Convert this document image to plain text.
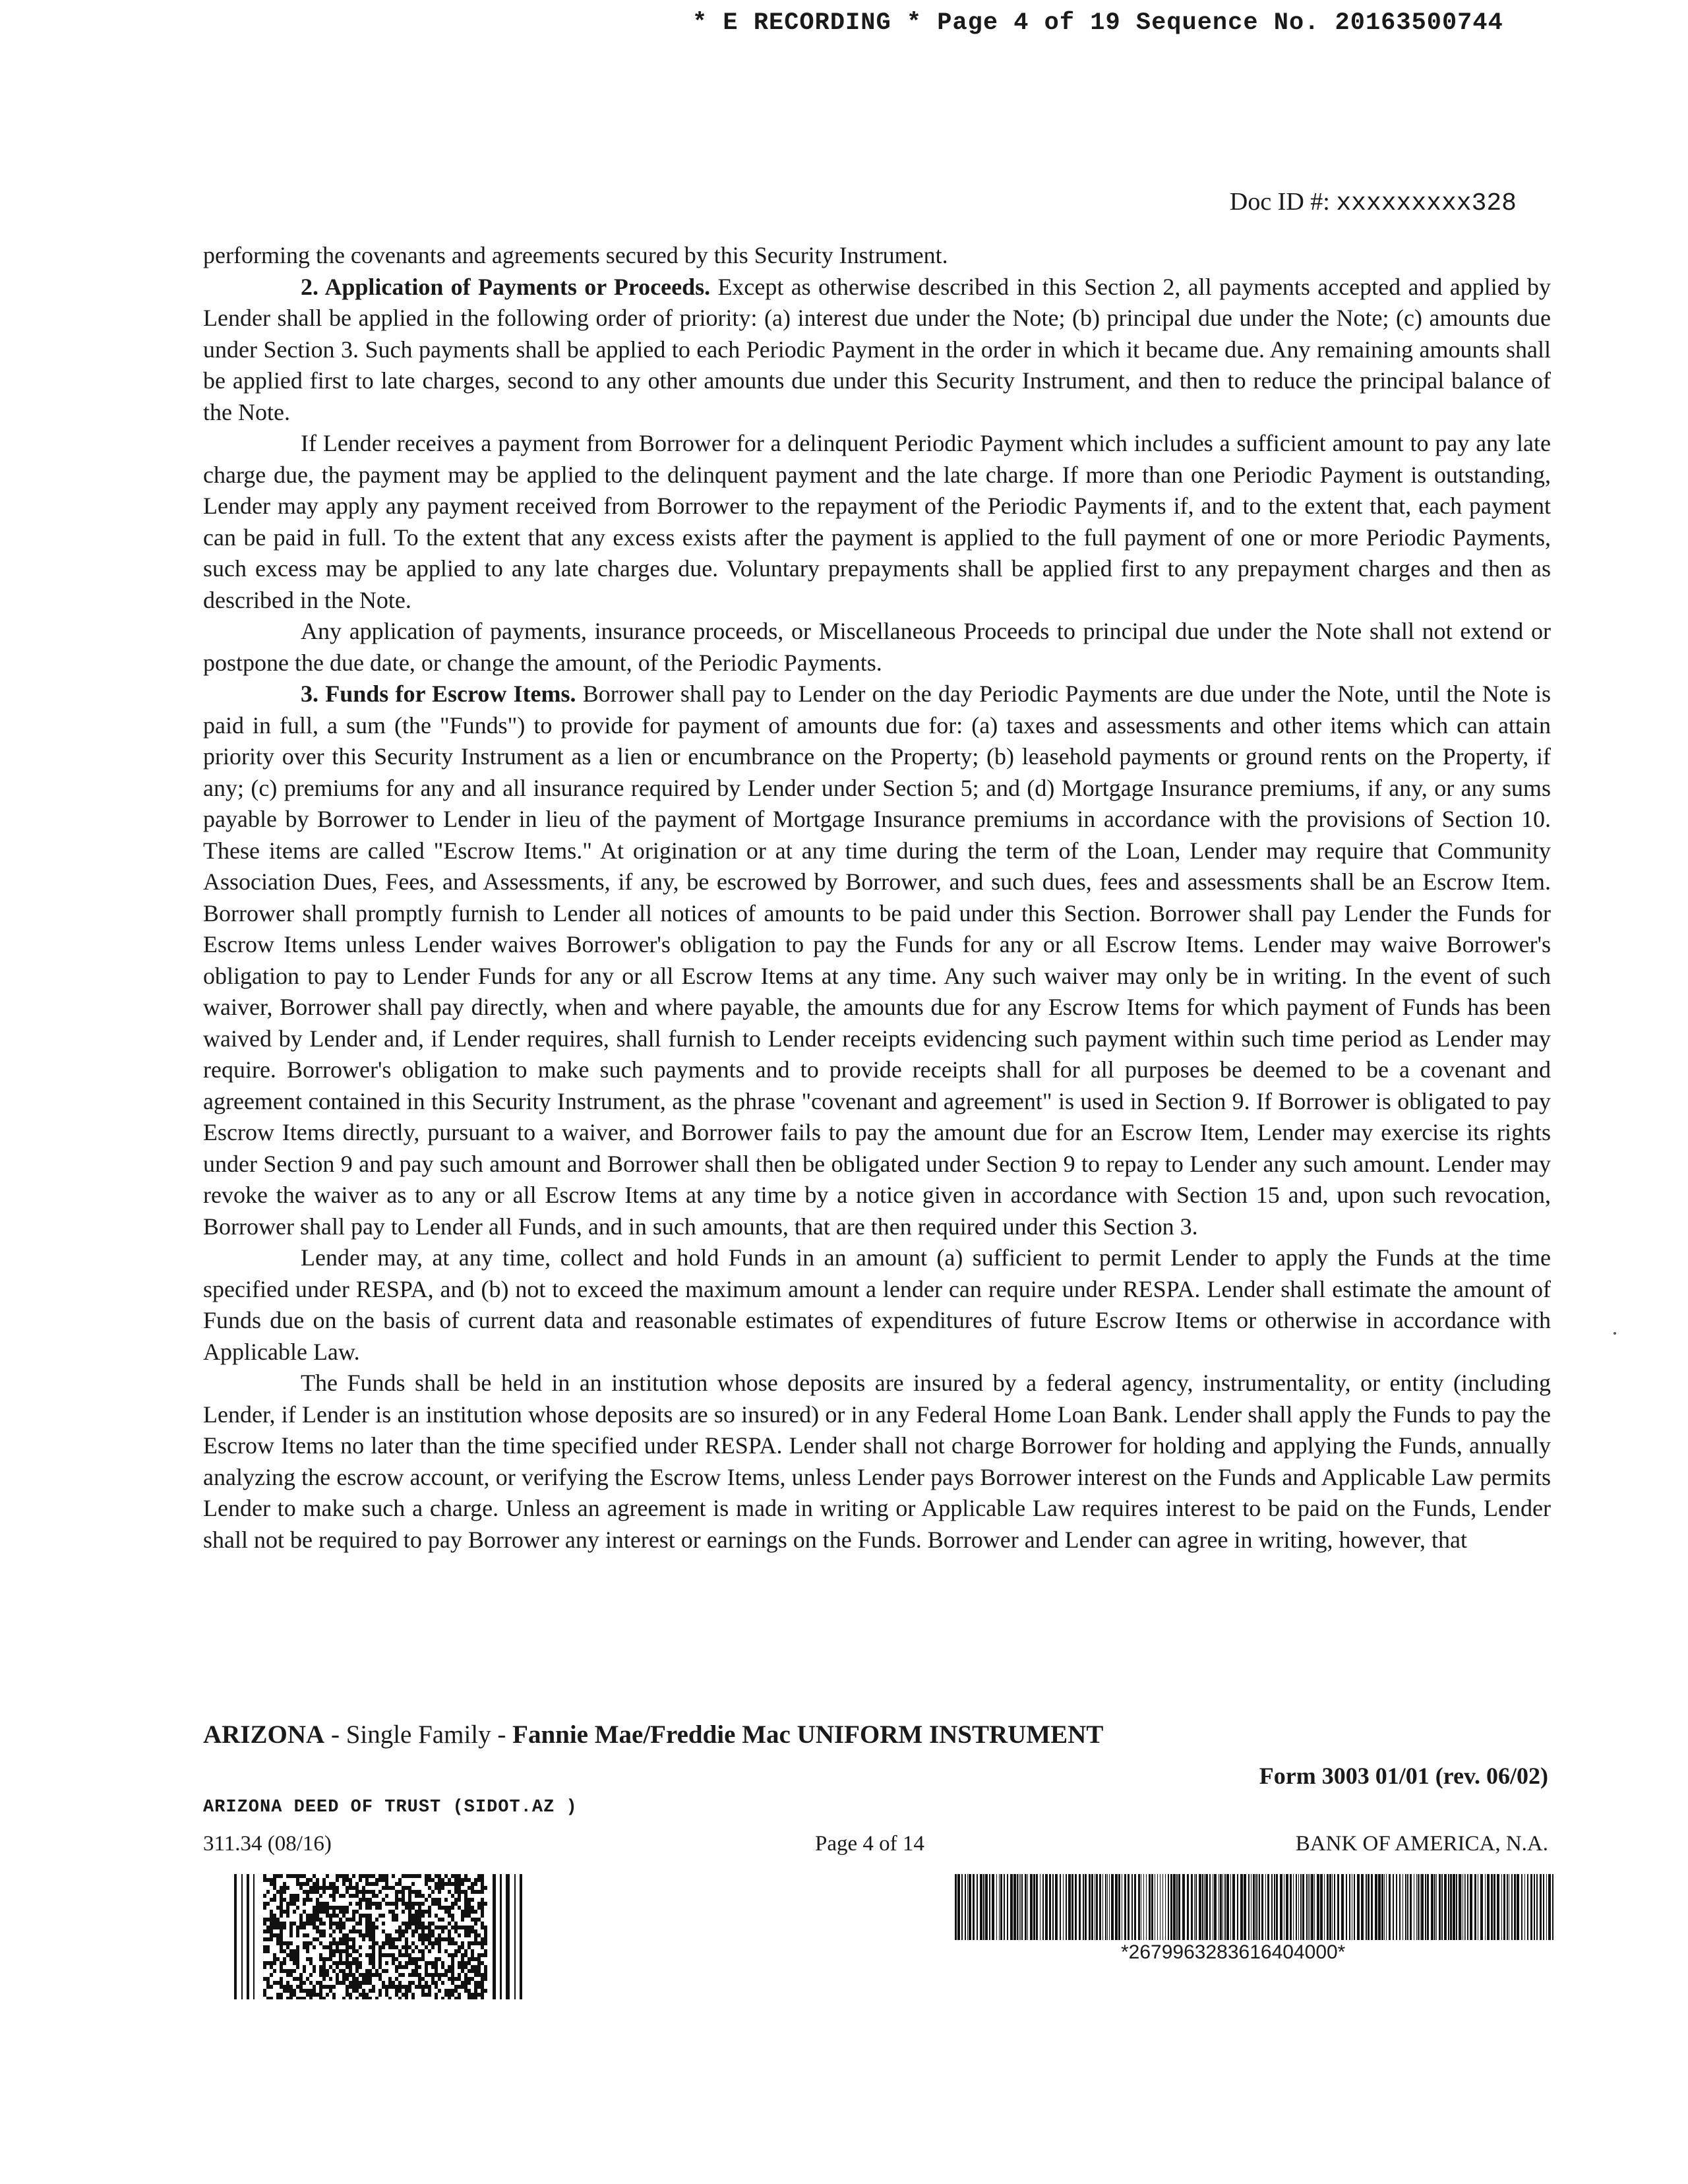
* E RECORDING * Page 4 of 19 Sequence No. 20163500744
Doc ID #: xxxxxxxxx328

performing the covenants and agreements secured by this Security Instrument.

2. Application of Payments or Proceeds. Except as otherwise described in this Section 2, all payments accepted and applied by Lender shall be applied in the following order of priority: (a) interest due under the Note; (b) principal due under the Note; (c) amounts due under Section 3. Such payments shall be applied to each Periodic Payment in the order in which it became due. Any remaining amounts shall be applied first to late charges, second to any other amounts due under this Security Instrument, and then to reduce the principal balance of the Note.

If Lender receives a payment from Borrower for a delinquent Periodic Payment which includes a sufficient amount to pay any late charge due, the payment may be applied to the delinquent payment and the late charge. If more than one Periodic Payment is outstanding, Lender may apply any payment received from Borrower to the repayment of the Periodic Payments if, and to the extent that, each payment can be paid in full. To the extent that any excess exists after the payment is applied to the full payment of one or more Periodic Payments, such excess may be applied to any late charges due. Voluntary prepayments shall be applied first to any prepayment charges and then as described in the Note.

Any application of payments, insurance proceeds, or Miscellaneous Proceeds to principal due under the Note shall not extend or postpone the due date, or change the amount, of the Periodic Payments.

3. Funds for Escrow Items. Borrower shall pay to Lender on the day Periodic Payments are due under the Note, until the Note is paid in full, a sum (the "Funds") to provide for payment of amounts due for: (a) taxes and assessments and other items which can attain priority over this Security Instrument as a lien or encumbrance on the Property; (b) leasehold payments or ground rents on the Property, if any; (c) premiums for any and all insurance required by Lender under Section 5; and (d) Mortgage Insurance premiums, if any, or any sums payable by Borrower to Lender in lieu of the payment of Mortgage Insurance premiums in accordance with the provisions of Section 10. These items are called "Escrow Items." At origination or at any time during the term of the Loan, Lender may require that Community Association Dues, Fees, and Assessments, if any, be escrowed by Borrower, and such dues, fees and assessments shall be an Escrow Item. Borrower shall promptly furnish to Lender all notices of amounts to be paid under this Section. Borrower shall pay Lender the Funds for Escrow Items unless Lender waives Borrower's obligation to pay the Funds for any or all Escrow Items. Lender may waive Borrower's obligation to pay to Lender Funds for any or all Escrow Items at any time. Any such waiver may only be in writing. In the event of such waiver, Borrower shall pay directly, when and where payable, the amounts due for any Escrow Items for which payment of Funds has been waived by Lender and, if Lender requires, shall furnish to Lender receipts evidencing such payment within such time period as Lender may require. Borrower's obligation to make such payments and to provide receipts shall for all purposes be deemed to be a covenant and agreement contained in this Security Instrument, as the phrase "covenant and agreement" is used in Section 9. If Borrower is obligated to pay Escrow Items directly, pursuant to a waiver, and Borrower fails to pay the amount due for an Escrow Item, Lender may exercise its rights under Section 9 and pay such amount and Borrower shall then be obligated under Section 9 to repay to Lender any such amount. Lender may revoke the waiver as to any or all Escrow Items at any time by a notice given in accordance with Section 15 and, upon such revocation, Borrower shall pay to Lender all Funds, and in such amounts, that are then required under this Section 3.

Lender may, at any time, collect and hold Funds in an amount (a) sufficient to permit Lender to apply the Funds at the time specified under RESPA, and (b) not to exceed the maximum amount a lender can require under RESPA. Lender shall estimate the amount of Funds due on the basis of current data and reasonable estimates of expenditures of future Escrow Items or otherwise in accordance with Applicable Law.

The Funds shall be held in an institution whose deposits are insured by a federal agency, instrumentality, or entity (including Lender, if Lender is an institution whose deposits are so insured) or in any Federal Home Loan Bank. Lender shall apply the Funds to pay the Escrow Items no later than the time specified under RESPA. Lender shall not charge Borrower for holding and applying the Funds, annually analyzing the escrow account, or verifying the Escrow Items, unless Lender pays Borrower interest on the Funds and Applicable Law permits Lender to make such a charge. Unless an agreement is made in writing or Applicable Law requires interest to be paid on the Funds, Lender shall not be required to pay Borrower any interest or earnings on the Funds. Borrower and Lender can agree in writing, however, that

ARIZONA - Single Family - Fannie Mae/Freddie Mac UNIFORM INSTRUMENT
Form 3003 01/01 (rev. 06/02)
ARIZONA DEED OF TRUST (SIDOT.AZ )
311.34 (08/16)	Page 4 of 14	BANK OF AMERICA, N.A.
*2679963283616404000*
